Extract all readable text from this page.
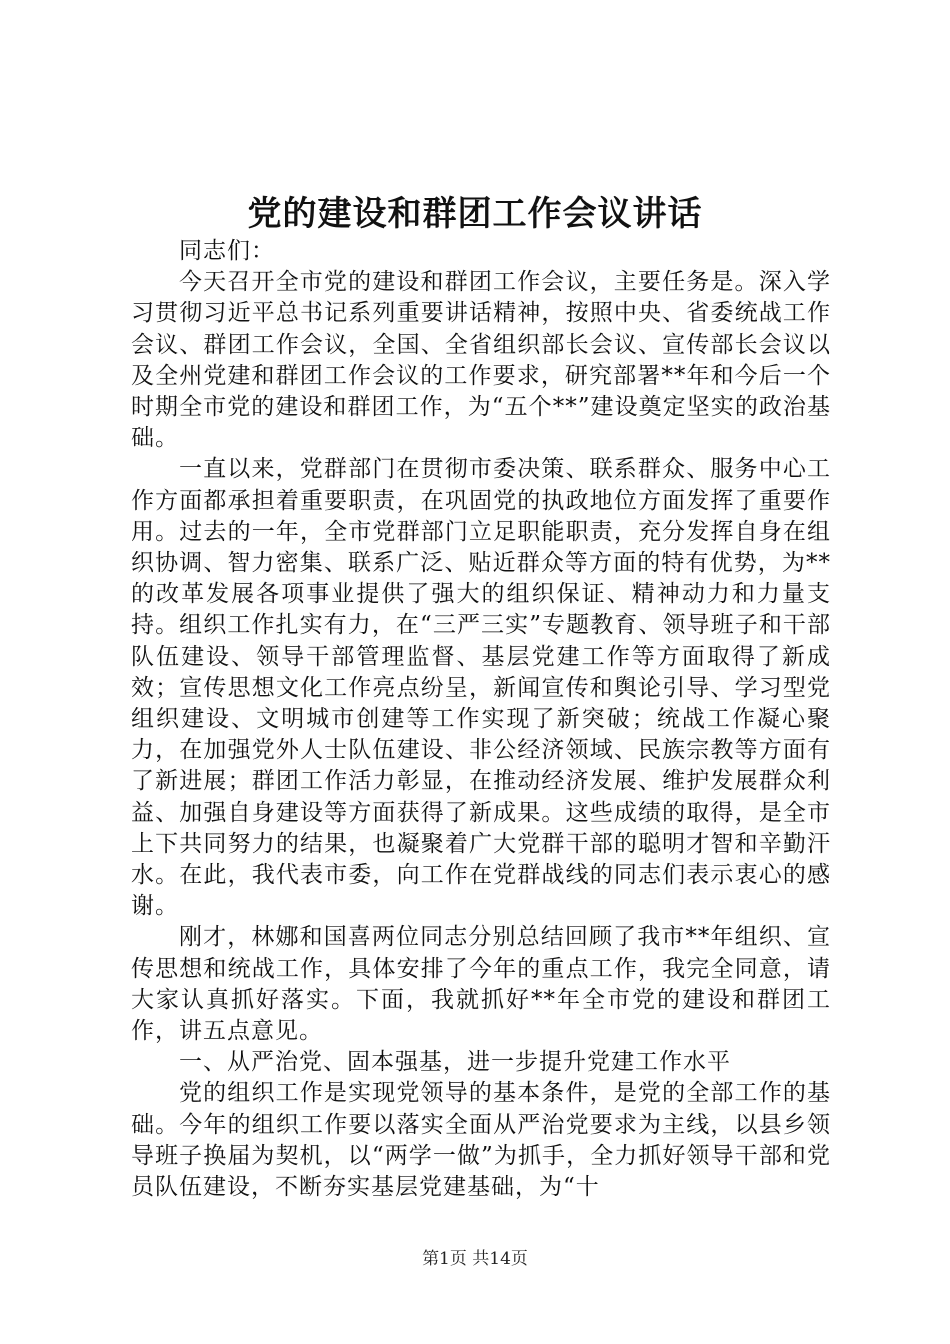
党的建设和群团工作会议讲话

同志们：

今天召开全市党的建设和群团工作会议，主要任务是。深入学习贯彻习近平总书记系列重要讲话精神，按照中央、省委统战工作会议、群团工作会议，全国、全省组织部长会议、宣传部长会议以及全州党建和群团工作会议的工作要求，研究部署**年和今后一个时期全市党的建设和群团工作，为“五个**”建设奠定坚实的政治基础。

一直以来，党群部门在贯彻市委决策、联系群众、服务中心工作方面都承担着重要职责，在巩固党的执政地位方面发挥了重要作用。过去的一年，全市党群部门立足职能职责，充分发挥自身在组织协调、智力密集、联系广泛、贴近群众等方面的特有优势，为**的改革发展各项事业提供了强大的组织保证、精神动力和力量支持。组织工作扎实有力，在“三严三实”专题教育、领导班子和干部队伍建设、领导干部管理监督、基层党建工作等方面取得了新成效；宣传思想文化工作亮点纷呈，新闻宣传和舆论引导、学习型党组织建设、文明城市创建等工作实现了新突破；统战工作凝心聚力，在加强党外人士队伍建设、非公经济领域、民族宗教等方面有了新进展；群团工作活力彰显，在推动经济发展、维护发展群众利益、加强自身建设等方面获得了新成果。这些成绩的取得，是全市上下共同努力的结果，也凝聚着广大党群干部的聪明才智和辛勤汗水。在此，我代表市委，向工作在党群战线的同志们表示衷心的感谢。

刚才，林娜和国喜两位同志分别总结回顾了我市**年组织、宣传思想和统战工作，具体安排了今年的重点工作，我完全同意，请大家认真抓好落实。下面，我就抓好**年全市党的建设和群团工作，讲五点意见。

一、从严治党、固本强基，进一步提升党建工作水平

党的组织工作是实现党领导的基本条件，是党的全部工作的基础。今年的组织工作要以落实全面从严治党要求为主线，以县乡领导班子换届为契机，以“两学一做”为抓手，全力抓好领导干部和党员队伍建设，不断夯实基层党建基础，为“十

第1页 共14页
